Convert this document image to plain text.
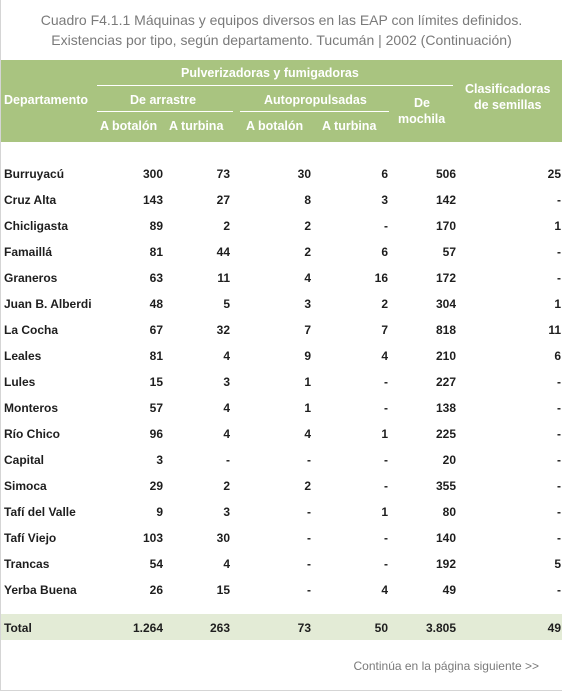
Cuadro F4.1.1 Máquinas y equipos diversos en las EAP con límites definidos.
Existencias por tipo, según departamento. Tucumán | 2002 (Continuación)
Pulverizadoras y fumigadoras
Departamento	De arrastre	Autopropulsadas	De
mochila
Clasificadoras
de semillas
A botalón A turbina A botalón A turbina
Burruyacú	300	73	30	6	506	25
Cruz Alta	143	27	8	3	142	-
Chicligasta	89	2	2	-	170	1
Famaillá	81	44	2	6	57	-
Graneros	63	11	4	16	172	-
Juan B. Alberdi	48	5	3	2	304	1
La Cocha	67	32	7	7	818	11
Leales	81	4	9	4	210	6
Lules	15	3	1	-	227	-
Monteros	57	4	1	-	138	-
Río Chico	96	4	4	1	225	-
Capital	3	-	-	-	20	-
Simoca	29	2	2	-	355	-
Tafí del Valle	9	3	-	1	80	-
Tafí Viejo	103	30	-	-	140	-
Trancas	54	4	-	-	192	5
Yerba Buena	26	15	-	4	49	-
Total	1.264	263	73	50	3.805	49
Continúa en la página siguiente >>
